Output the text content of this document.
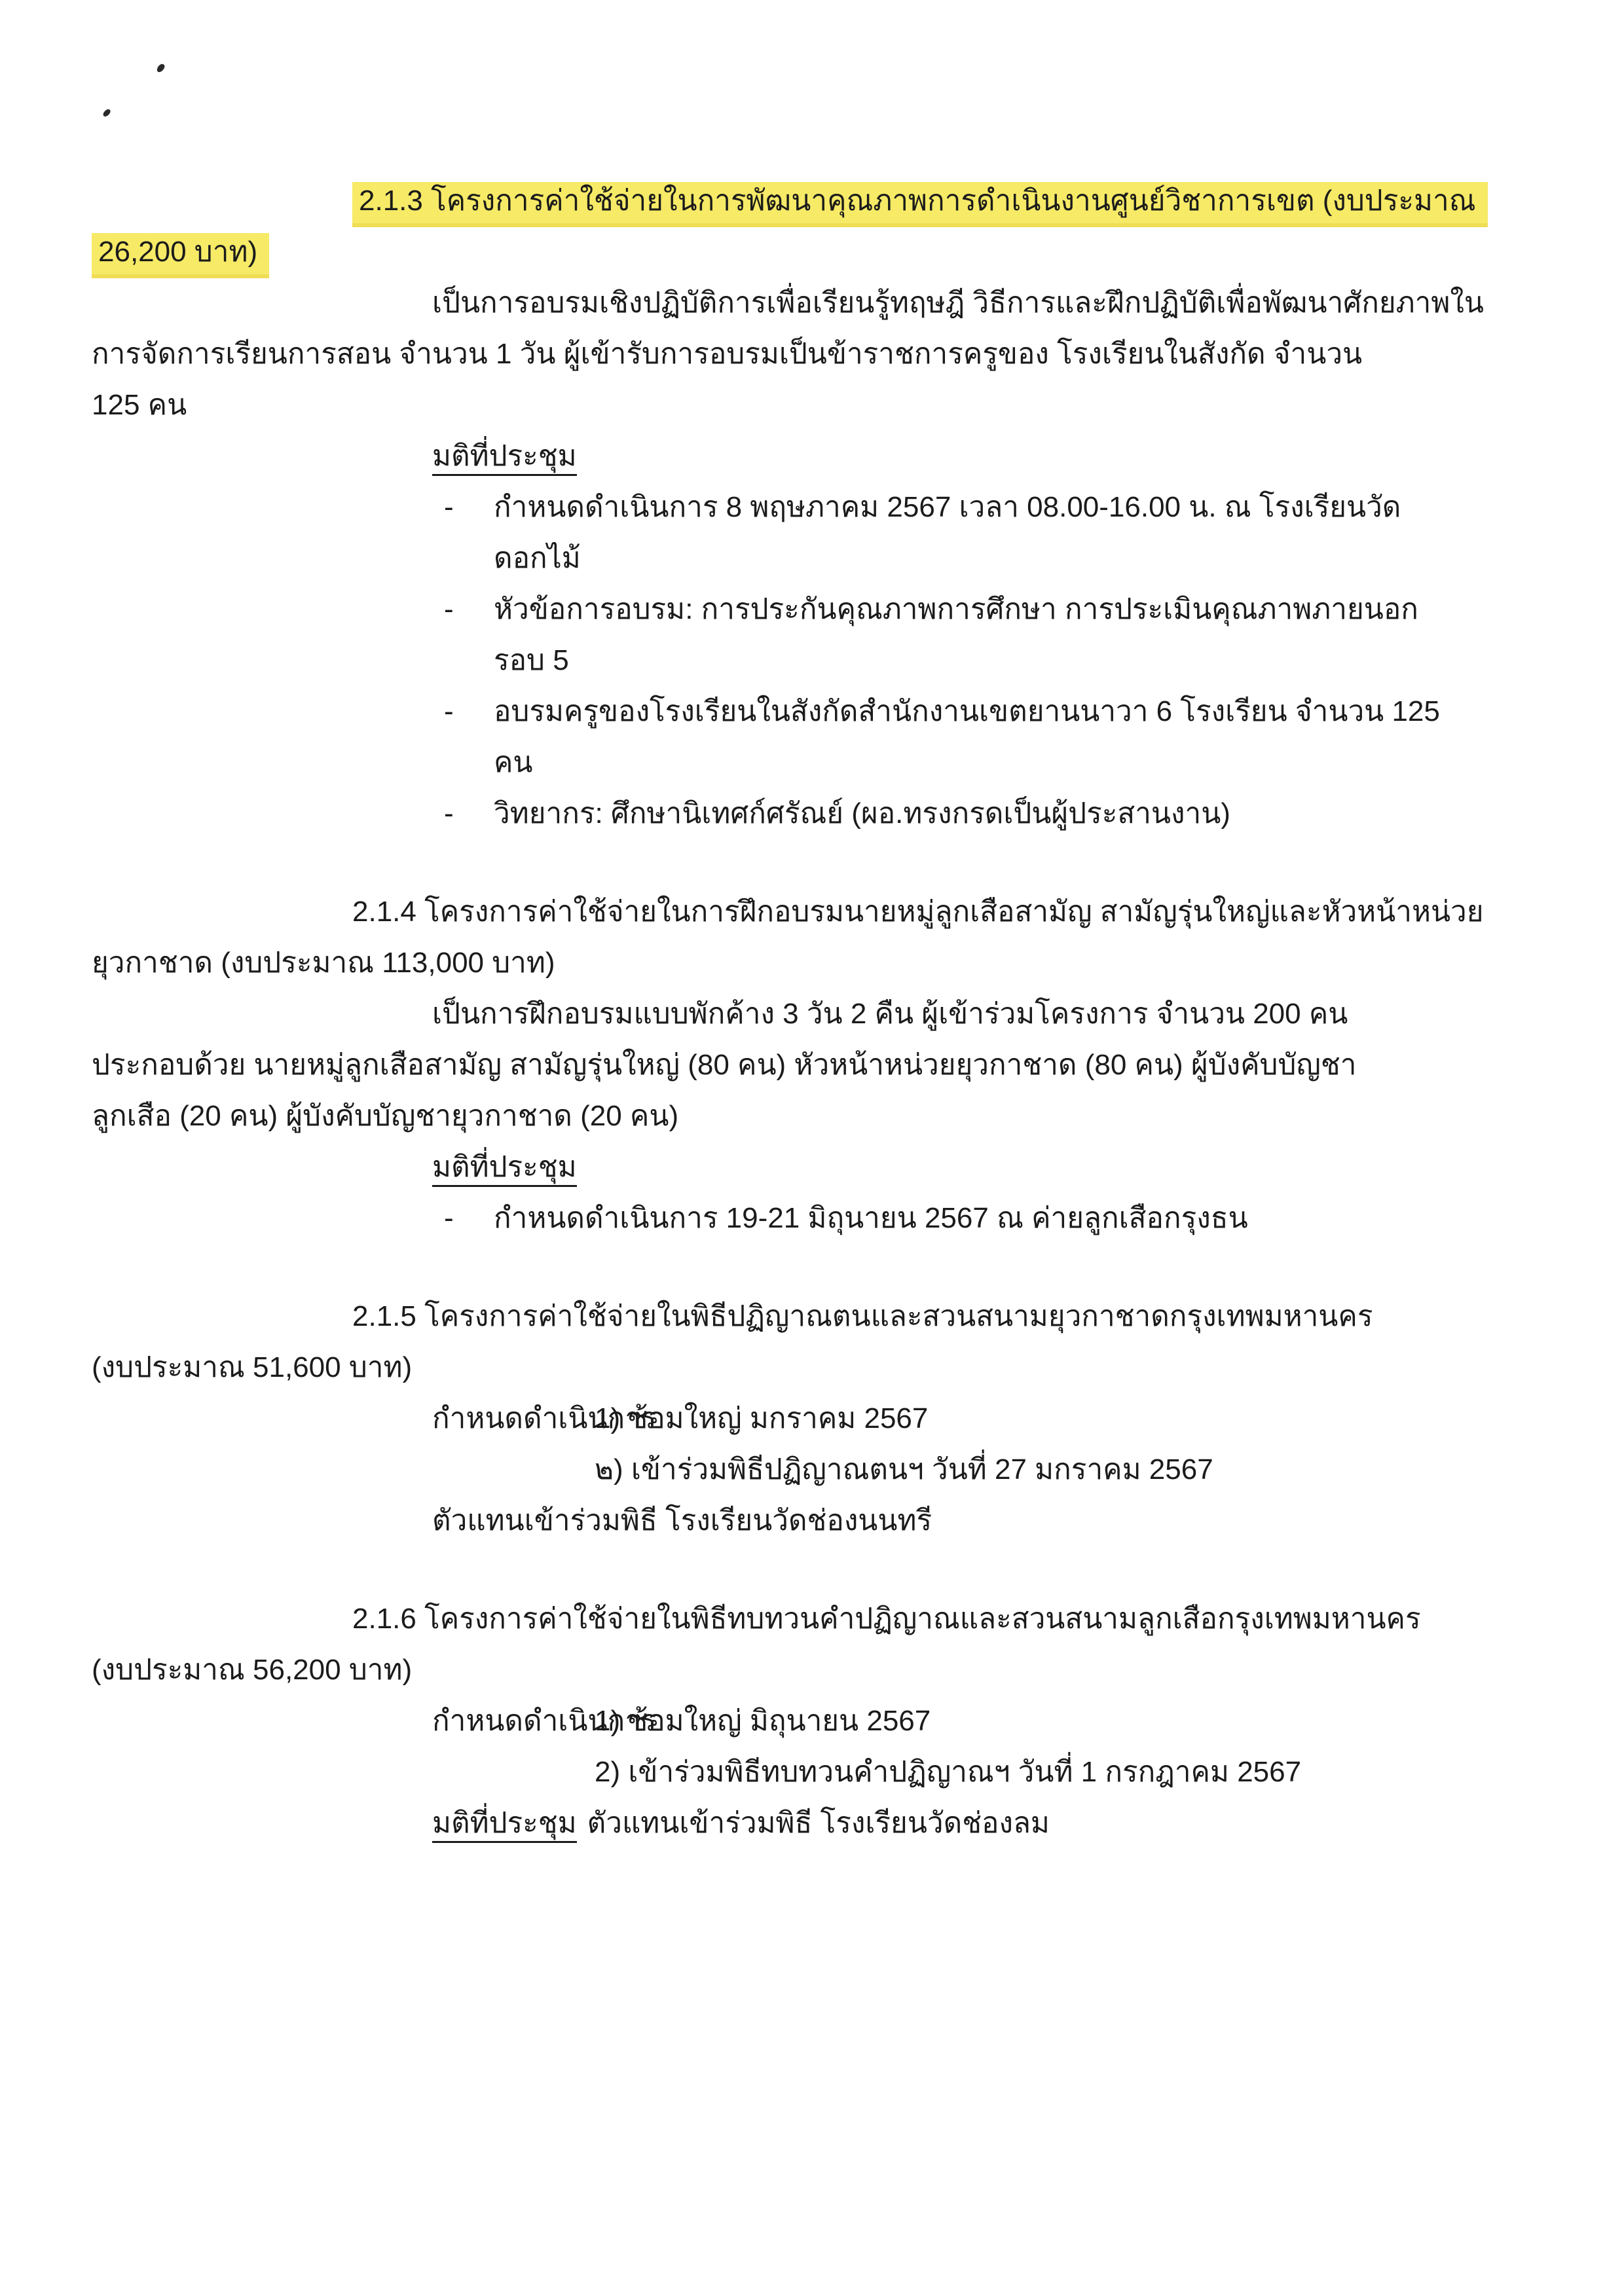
2.1.3 โครงการค่าใช้จ่ายในการพัฒนาคุณภาพการดำเนินงานศูนย์วิชาการเขต (งบประมาณ
26,200 บาท)
เป็นการอบรมเชิงปฏิบัติการเพื่อเรียนรู้ทฤษฎี วิธีการและฝึกปฏิบัติเพื่อพัฒนาศักยภาพใน
การจัดการเรียนการสอน จำนวน 1 วัน ผู้เข้ารับการอบรมเป็นข้าราชการครูของ โรงเรียนในสังกัด จำนวน
125 คน
มติที่ประชุม
- กำหนดดำเนินการ 8 พฤษภาคม 2567 เวลา 08.00-16.00 น. ณ โรงเรียนวัด
ดอกไม้
- หัวข้อการอบรม: การประกันคุณภาพการศึกษา การประเมินคุณภาพภายนอก
รอบ 5
- อบรมครูของโรงเรียนในสังกัดสำนักงานเขตยานนาวา 6 โรงเรียน จำนวน 125
คน
- วิทยากร: ศึกษานิเทศก์ศรัณย์ (ผอ.ทรงกรดเป็นผู้ประสานงาน)
2.1.4 โครงการค่าใช้จ่ายในการฝึกอบรมนายหมู่ลูกเสือสามัญ สามัญรุ่นใหญ่และหัวหน้าหน่วย
ยุวกาชาด (งบประมาณ 113,000 บาท)
เป็นการฝึกอบรมแบบพักค้าง 3 วัน 2 คืน ผู้เข้าร่วมโครงการ จำนวน 200 คน
ประกอบด้วย นายหมู่ลูกเสือสามัญ สามัญรุ่นใหญ่ (80 คน) หัวหน้าหน่วยยุวกาชาด (80 คน) ผู้บังคับบัญชา
ลูกเสือ (20 คน) ผู้บังคับบัญชายุวกาชาด (20 คน)
มติที่ประชุม
- กำหนดดำเนินการ 19-21 มิถุนายน 2567 ณ ค่ายลูกเสือกรุงธน
2.1.5 โครงการค่าใช้จ่ายในพิธีปฏิญาณตนและสวนสนามยุวกาชาดกรุงเทพมหานคร
(งบประมาณ 51,600 บาท)
กำหนดดำเนินการ1) ซ้อมใหญ่ มกราคม 2567
๒) เข้าร่วมพิธีปฏิญาณตนฯ วันที่ 27 มกราคม 2567
ตัวแทนเข้าร่วมพิธี โรงเรียนวัดช่องนนทรี
2.1.6 โครงการค่าใช้จ่ายในพิธีทบทวนคำปฏิญาณและสวนสนามลูกเสือกรุงเทพมหานคร
(งบประมาณ 56,200 บาท)
กำหนดดำเนินการ1) ซ้อมใหญ่ มิถุนายน 2567
2) เข้าร่วมพิธีทบทวนคำปฏิญาณฯ วันที่ 1 กรกฎาคม 2567
มติที่ประชุม ตัวแทนเข้าร่วมพิธี โรงเรียนวัดช่องลม
